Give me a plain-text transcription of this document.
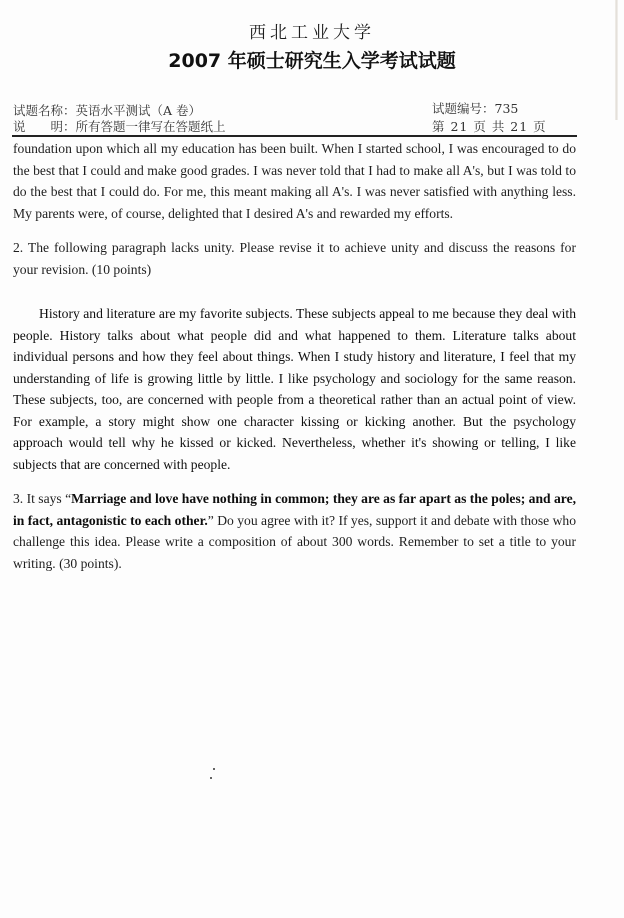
西北工业大学
2007 年硕士研究生入学考试试题
试题名称：英语水平测试（A 卷）
说　　明：所有答题一律写在答题纸上
试题编号：735
第 21 页 共 21 页
foundation upon which all my education has been built. When I started school, I was encouraged to do the best that I could and make good grades. I was never told that I had to make all A's, but I was told to do the best that I could do. For me, this meant making all A's. I was never satisfied with anything less. My parents were, of course, delighted that I desired A's and rewarded my efforts.
2. The following paragraph lacks unity. Please revise it to achieve unity and discuss the reasons for your revision. (10 points)
History and literature are my favorite subjects. These subjects appeal to me because they deal with people. History talks about what people did and what happened to them. Literature talks about individual persons and how they feel about things. When I study history and literature, I feel that my understanding of life is growing little by little. I like psychology and sociology for the same reason. These subjects, too, are concerned with people from a theoretical rather than an actual point of view. For example, a story might show one character kissing or kicking another. But the psychology approach would tell why he kissed or kicked. Nevertheless, whether it's showing or telling, I like subjects that are concerned with people.
3. It says “Marriage and love have nothing in common; they are as far apart as the poles; and are, in fact, antagonistic to each other.” Do you agree with it? If yes, support it and debate with those who challenge this idea. Please write a composition of about 300 words. Remember to set a title to your writing. (30 points).
